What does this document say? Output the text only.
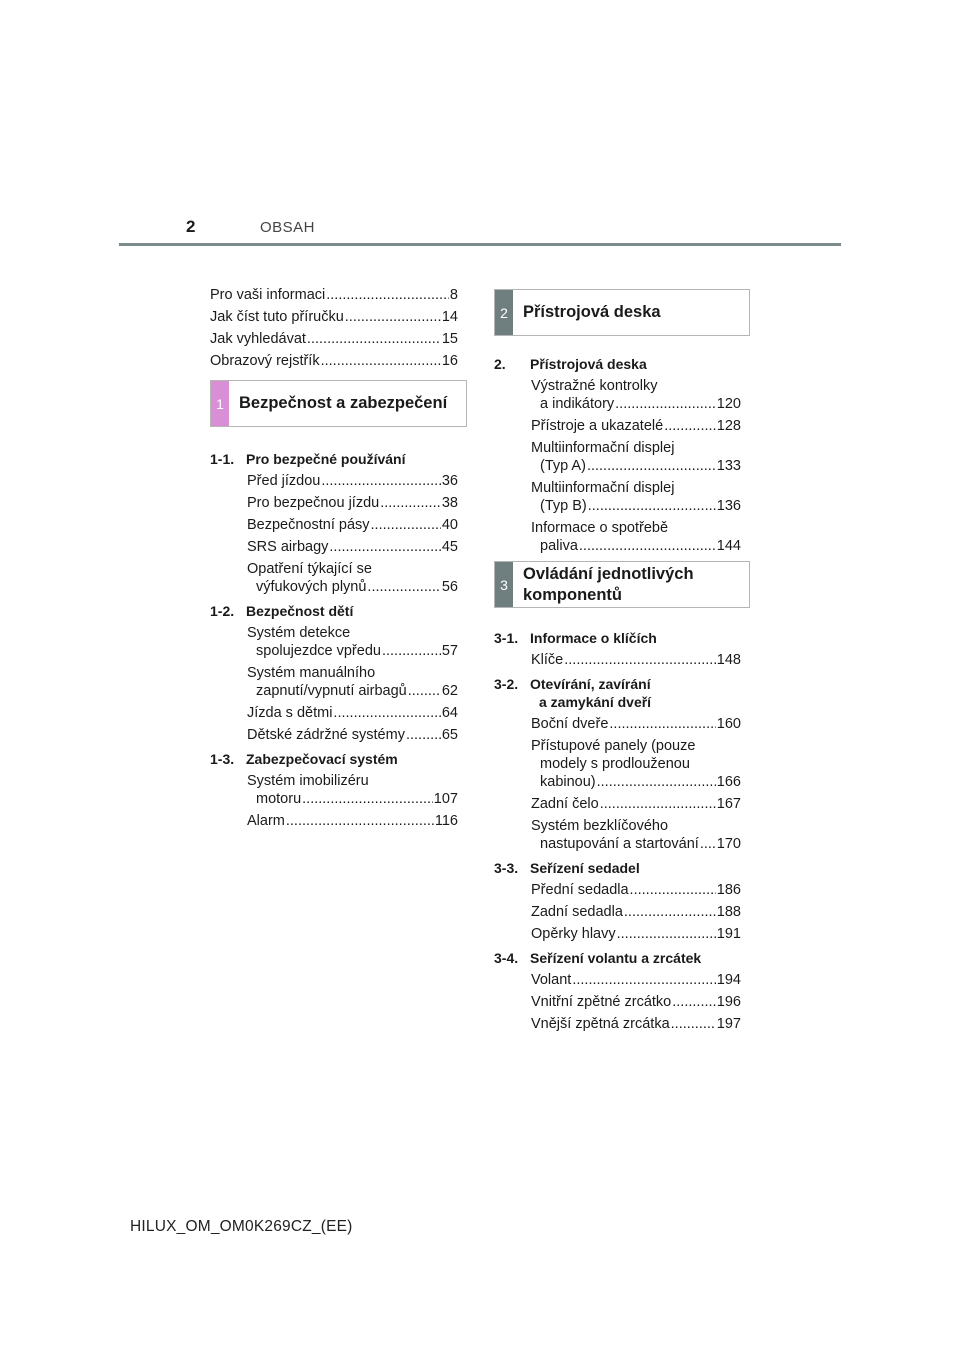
2	OBSAH
Pro vaši informaci .....	8
Jak číst tuto příručku .....	14
Jak vyhledávat .....	15
Obrazový rejstřík .....	16
1 Bezpečnost a zabezpečení
1-1. Pro bezpečné používání
Před jízdou .....	36
Pro bezpečnou jízdu .....	38
Bezpečnostní pásy .....	40
SRS airbagy .....	45
Opatření týkající se
výfukových plynů .....	56
1-2. Bezpečnost dětí
Systém detekce
spolujezdce vpředu .....	57
Systém manuálního
zapnutí/vypnutí airbagů ..... 62
Jízda s dětmi .....	64
Dětské zádržné systémy .....	65
1-3. Zabezpečovací systém
Systém imobilizéru
motoru .....	107
Alarm .....	116
2 Přístrojová deska
2.	Přístrojová deska
Výstražné kontrolky
a indikátory .....	120
Přístroje a ukazatelé .....	128
Multiinformační displej
(Typ A) .....	133
Multiinformační displej
(Typ B) .....	136
Informace o spotřebě
paliva .....	144
3
Ovládání jednotlivých
komponentů
3-1. Informace o klíčích
Klíče .....	148
3-2. Otevírání, zavírání
a zamykání dveří
Boční dveře .....	160
Přístupové panely (pouze
modely s prodlouženou
kabinou) .....	166
Zadní čelo .....	167
Systém bezklíčového
nastupování a startování ..... 170
3-3. Seřízení sedadel
Přední sedadla .....	186
Zadní sedadla .....	188
Opěrky hlavy .....	191
3-4. Seřízení volantu a zrcátek
Volant .....	194
Vnitřní zpětné zrcátko .....	196
Vnější zpětná zrcátka .....	197
HILUX_OM_OM0K269CZ_(EE)
